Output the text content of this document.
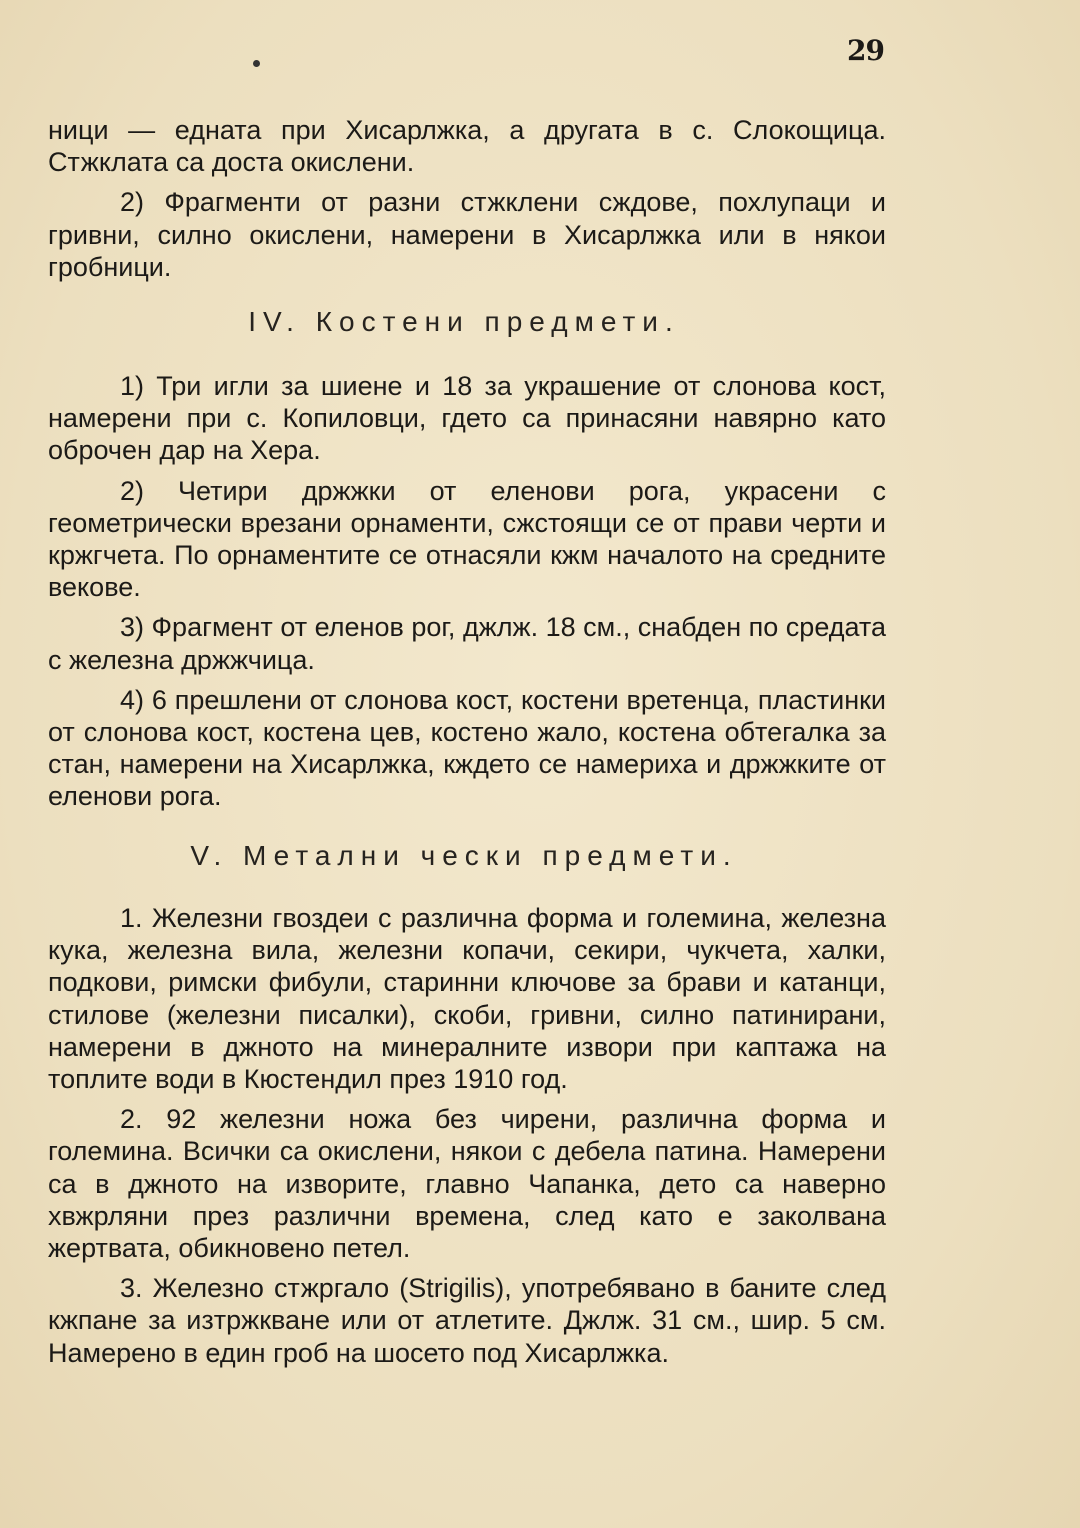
29

ници — едната при Хисарлжка, а другата в с. Слокощица. Стжклата са доста окислени.

2) Фрагменти от разни стжклени сждове, похлупаци и гривни, силно окислени, намерени в Хисарлжка или в някои гробници.

IV. Костени предмети.

1) Три игли за шиене и 18 за украшение от слонова кост, намерени при с. Копиловци, гдето са принасяни навярно като оброчен дар на Хера.

2) Четири држжки от еленови рога, украсени с геометрически врезани орнаменти, сжстоящи се от прави черти и кржгчета. По орнаментите се отнасяли кжм началото на средните векове.

3) Фрагмент от еленов рог, джлж. 18 см., снабден по средата с железна држжчица.

4) 6 прешлени от слонова кост, костени вретенца, пластинки от слонова кост, костена цев, костено жало, костена обтегалка за стан, намерени на Хисарлжка, кждето се намериха и држжките от еленови рога.

V. Метални чески предмети.

1. Железни гвоздеи с различна форма и големина, железна кука, железна вила, железни копачи, секири, чукчета, халки, подкови, римски фибули, старинни ключове за брави и катанци, стилове (железни писалки), скоби, гривни, силно патинирани, намерени в джното на минералните извори при каптажа на топлите води в Кюстендил през 1910 год.

2. 92 железни ножа без чирени, различна форма и големина. Всички са окислени, някои с дебела патина. Намерени са в джното на изворите, главно Чапанка, дето са наверно хвжрляни през различни времена, след като е заколвана жертвата, обикновено петел.

3. Железно стжргало (Strigilis), употребявано в баните след кжпане за изтржкване или от атлетите. Джлж. 31 см., шир. 5 см. Намерено в един гроб на шосето под Хисарлжка.
